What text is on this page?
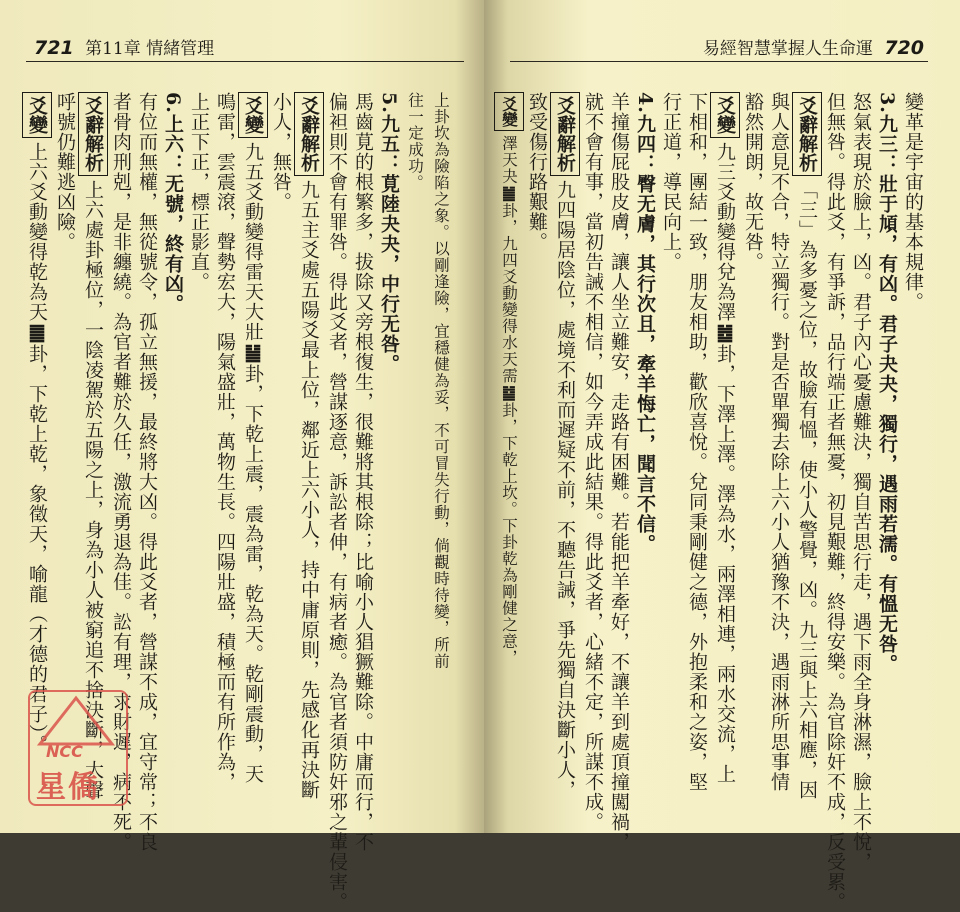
721 第11章 情緒管理
上卦坎為險陷之象。以剛逢險，宜穩健為妥，不可冒失行動，倘觀時待變，所前
往一定成功。
5.九五：莧陸夬夬，中行无咎。
馬齒莧的根繁多，拔除又旁根復生，很難將其根除；比喻小人猖獗難除。中庸而行，不
偏袒則不會有罪咎。得此爻者，營謀逐意，訴訟者伸，有病者癒。為官者須防奸邪之輩侵害。
爻辭解析九五主爻處五陽爻最上位，鄰近上六小人，持中庸原則，先感化再決斷
小人，無咎。
爻變九五爻動變得雷天大壯䷡卦，下乾上震，震為雷，乾為天。乾剛震動，天
鳴雷，雲震滾，聲勢宏大，陽氣盛壯，萬物生長。四陽壯盛，積極而有所作為，
上正下正，標正影直。
6.上六：无號，終有凶。
有位而無權，無從號令，孤立無援，最終將大凶。得此爻者，營謀不成，宜守常；不良
者骨肉刑剋，是非纏繞。為官者難於久任，激流勇退為佳。訟有理，求財遲，病不死。
爻辭解析上六處卦極位，一陰凌駕於五陽之上，身為小人被窮追不捨決斷，大聲
呼號仍難逃凶險。
爻變上六爻動變得乾為天䷀卦，下乾上乾，象徵天，喻龍（才德的君子）。
NCC
星僑
易經智慧掌握人生命運 720
變革是宇宙的基本規律。
3.九三：壯于頄，有凶。君子夬夬，獨行，遇雨若濡。有慍无咎。
怒氣表現於臉上，凶。君子內心憂慮難決，獨自苦思行走，遇下雨全身淋濕，臉上不悅，
但無咎。得此爻，有爭訴，品行端正者無憂，初見艱難，終得安樂。為官除奸不成，反受累。
爻辭解析「三」為多憂之位，故臉有慍，使小人警覺，凶。九三與上六相應，因
與人意見不合，特立獨行。對是否單獨去除上六小人猶豫不決，遇雨淋所思事情
豁然開朗，故无咎。
爻變九三爻動變得兌為澤䷹卦，下澤上澤。澤為水，兩澤相連，兩水交流，上
下相和，團結一致，朋友相助，歡欣喜悅。兌同秉剛健之德，外抱柔和之姿，堅
行正道，導民向上。
4.九四：臀无膚，其行次且，牽羊悔亡，聞言不信。
羊撞傷屁股皮膚，讓人坐立難安，走路有困難。若能把羊牽好，不讓羊到處頂撞闖禍，
就不會有事，當初告誡不相信，如今弄成此結果。得此爻者，心緒不定，所謀不成。
爻辭解析九四陽居陰位，處境不利而遲疑不前，不聽告誡，爭先獨自決斷小人，
致受傷行路艱難。
爻變澤天夬䷪卦，九四爻動變得水天需䷄卦，下乾上坎。下卦乾為剛健之意，
